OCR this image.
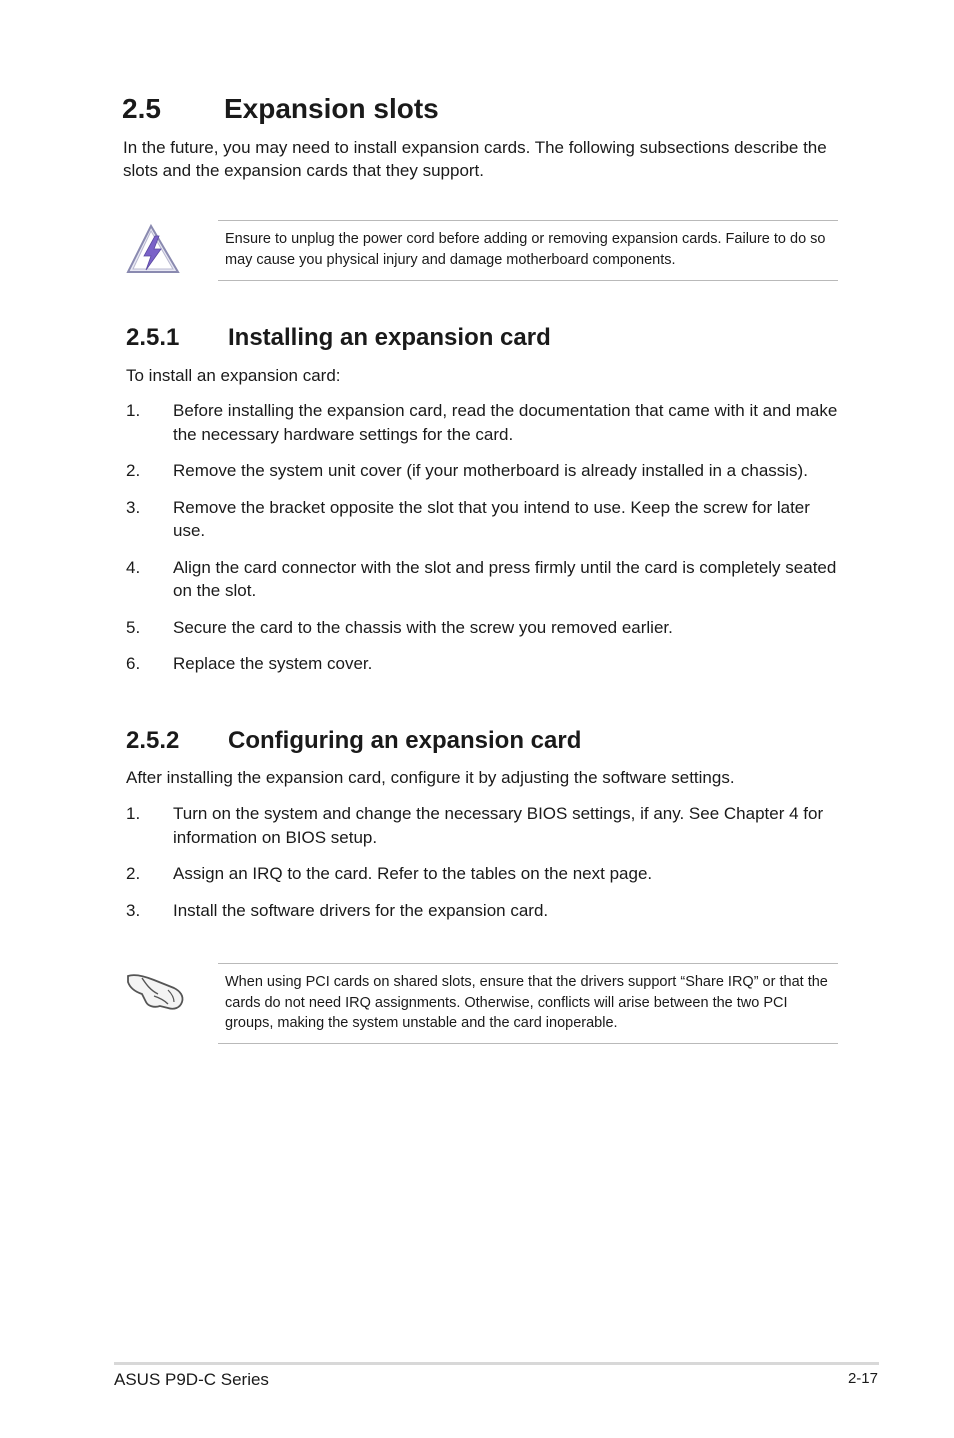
2.5 Expansion slots
In the future, you may need to install expansion cards. The following subsections describe the slots and the expansion cards that they support.
Ensure to unplug the power cord before adding or removing expansion cards. Failure to do so may cause you physical injury and damage motherboard components.
2.5.1 Installing an expansion card
To install an expansion card:
1.	Before installing the expansion card, read the documentation that came with it and make the necessary hardware settings for the card.
2.	Remove the system unit cover (if your motherboard is already installed in a chassis).
3.	Remove the bracket opposite the slot that you intend to use. Keep the screw for later use.
4.	Align the card connector with the slot and press firmly until the card is completely seated on the slot.
5.	Secure the card to the chassis with the screw you removed earlier.
6.	Replace the system cover.
2.5.2 Configuring an expansion card
After installing the expansion card, configure it by adjusting the software settings.
1.	Turn on the system and change the necessary BIOS settings, if any. See Chapter 4 for information on BIOS setup.
2.	Assign an IRQ to the card. Refer to the tables on the next page.
3.	Install the software drivers for the expansion card.
When using PCI cards on shared slots, ensure that the drivers support “Share IRQ” or that the cards do not need IRQ assignments. Otherwise, conflicts will arise between the two PCI groups, making the system unstable and the card inoperable.
ASUS P9D-C Series	2-17
